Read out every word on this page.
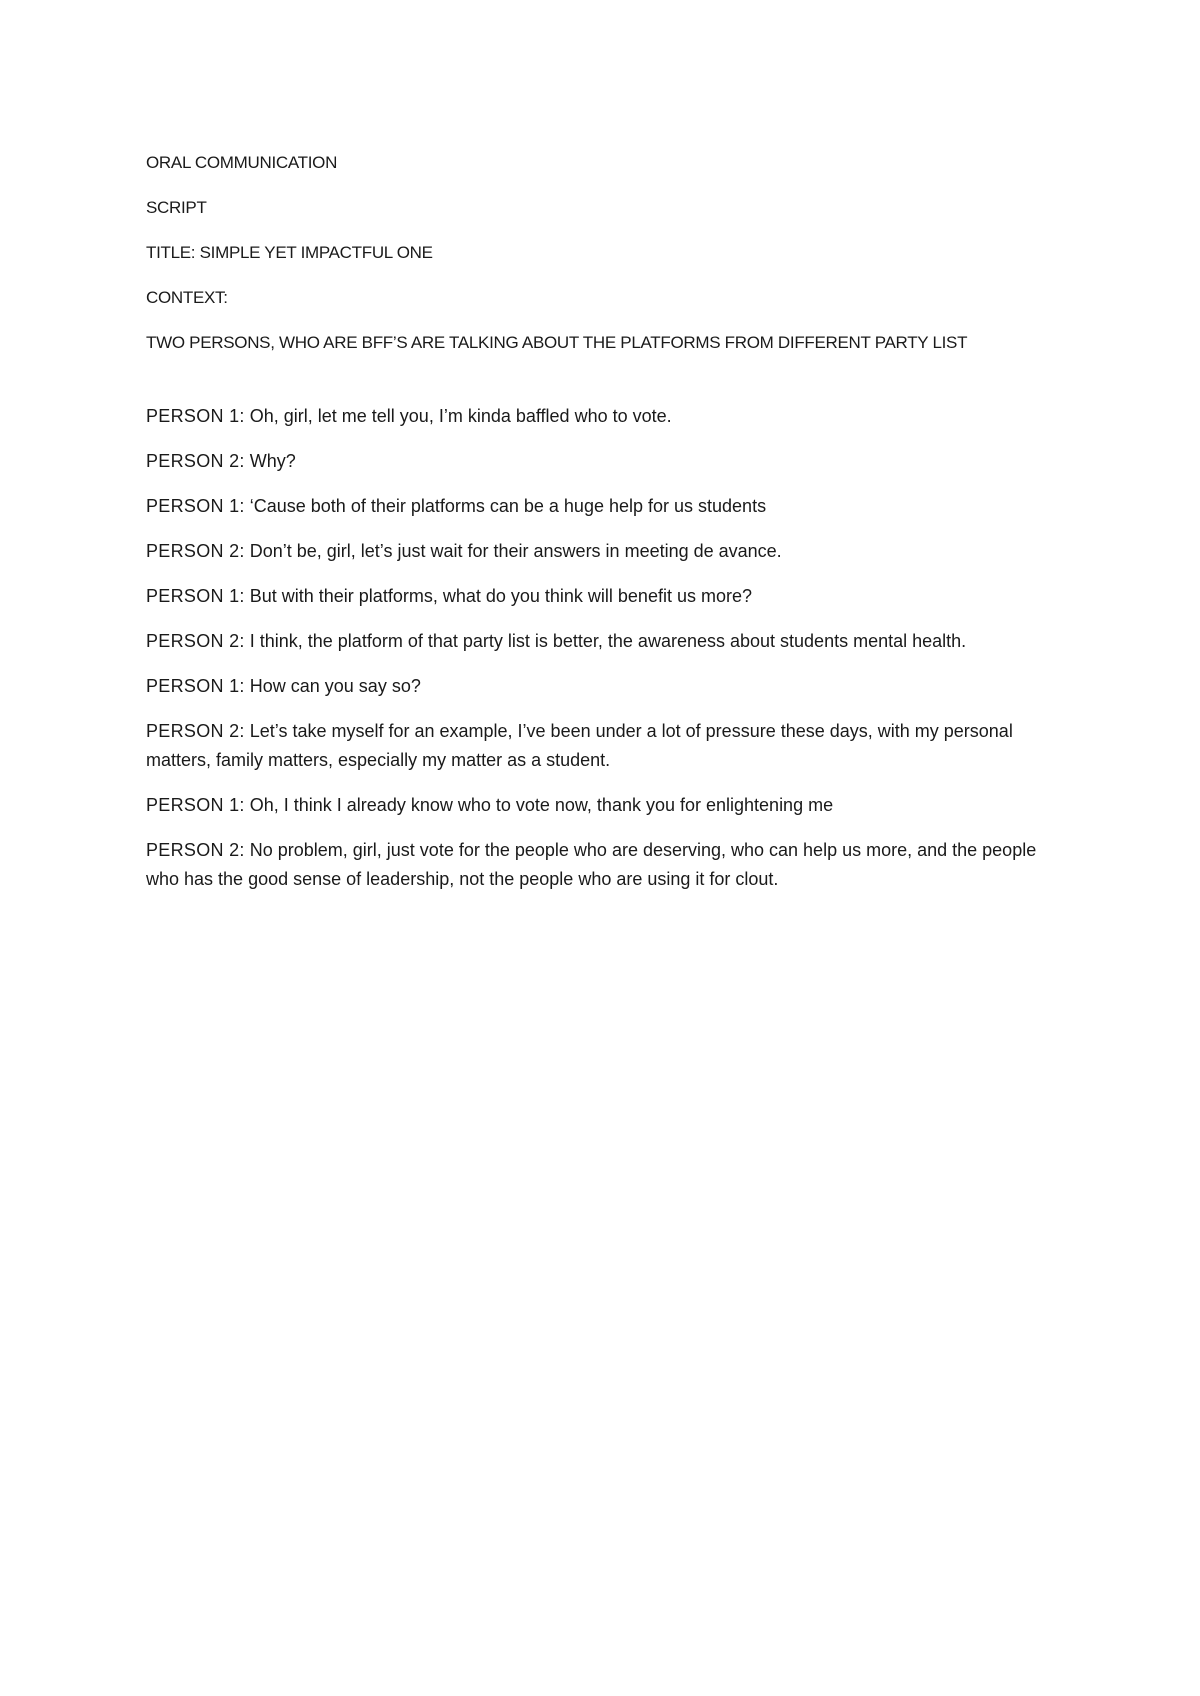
ORAL COMMUNICATION

SCRIPT

TITLE: SIMPLE YET IMPACTFUL ONE

CONTEXT:

TWO PERSONS, WHO ARE BFF’S ARE TALKING ABOUT THE PLATFORMS FROM DIFFERENT PARTY LIST

PERSON 1: Oh, girl, let me tell you, I’m kinda baffled who to vote.

PERSON 2: Why?

PERSON 1: ‘Cause both of their platforms can be a huge help for us students

PERSON 2: Don’t be, girl, let’s just wait for their answers in meeting de avance.

PERSON 1: But with their platforms, what do you think will benefit us more?

PERSON 2: I think, the platform of that party list is better, the awareness about students mental health.

PERSON 1: How can you say so?

PERSON 2: Let’s take myself for an example, I’ve been under a lot of pressure these days, with my personal matters, family matters, especially my matter as a student.

PERSON 1: Oh, I think I already know who to vote now, thank you for enlightening me

PERSON 2: No problem, girl, just vote for the people who are deserving, who can help us more, and the people who has the good sense of leadership, not the people who are using it for clout.
